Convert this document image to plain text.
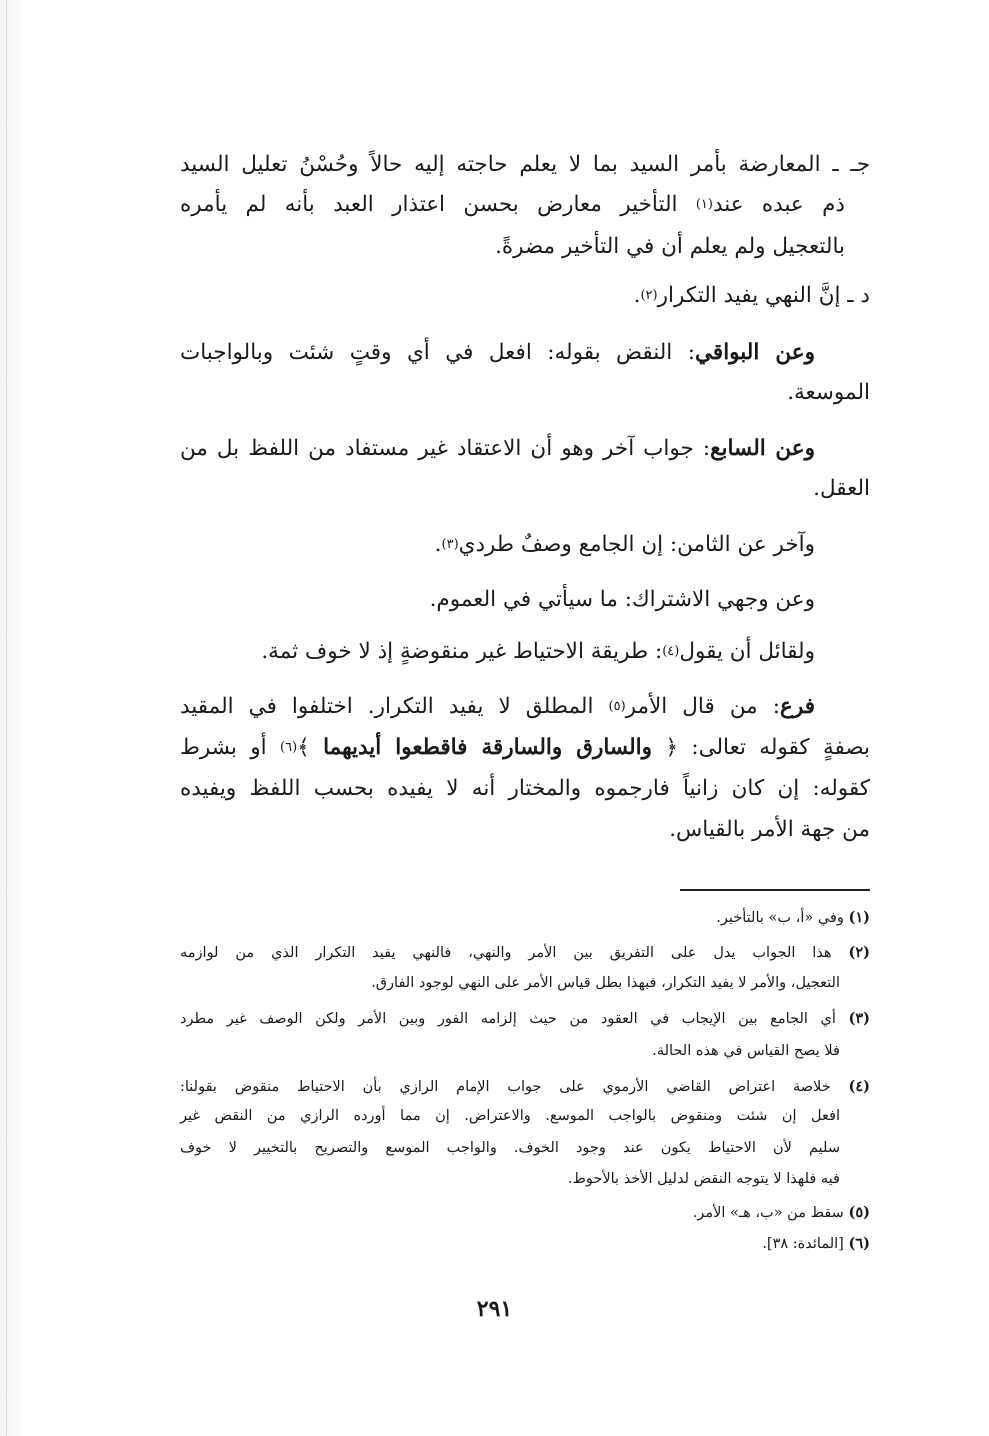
جـ ـ المعارضة بأمر السيد بما لا يعلم حاجته إليه حالاً وحُسْنُ تعليل السيد
ذم عبده عند$^{(١)}$ التأخير معارض بحسن اعتذار العبد بأنه لم يأمره
بالتعجيل ولم يعلم أن في التأخير مضرةً.
د ـ إنَّ النهي يفيد التكرار$^{(٢)}$.
وعن البواقي: النقض بقوله: افعل في أي وقتٍ شئت وبالواجبات
الموسعة.
وعن السابع: جواب آخر وهو أن الاعتقاد غير مستفاد من اللفظ بل من
العقل.
وآخر عن الثامن: إن الجامع وصفٌ طردي$^{(٣)}$.
وعن وجهي الاشتراك: ما سيأتي في العموم.
ولقائل أن يقول$^{(٤)}$: طريقة الاحتياط غير منقوضةٍ إذ لا خوف ثمة.
فرع: من قال الأمر$^{(٥)}$ المطلق لا يفيد التكرار. اختلفوا في المقيد
بصفةٍ كقوله تعالى: ﴿ والسارق والسارقة فاقطعوا أيديهما ﴾$^{(٦)}$ أو بشرط
كقوله: إن كان زانياً فارجموه والمختار أنه لا يفيده بحسب اللفظ ويفيده
من جهة الأمر بالقياس.
(١) وفي «أ، ب» بالتأخير.
(٢) هذا الجواب يدل على التفريق بين الأمر والنهي، فالنهي يفيد التكرار الذي من لوازمه
التعجيل، والأمر لا يفيد التكرار، فبهذا بطل قياس الأمر على النهي لوجود الفارق.
(٣) أي الجامع بين الإيجاب في العقود من حيث إلزامه الفور وبين الأمر ولكن الوصف غير مطرد
فلا يصح القياس في هذه الحالة.
(٤) خلاصة اعتراض القاضي الأرموي على جواب الإمام الرازي بأن الاحتياط منقوض بقولنا:
افعل إن شئت ومنقوض بالواجب الموسع. والاعتراض. إن مما أورده الرازي من النقض غير
سليم لأن الاحتياط يكون عند وجود الخوف. والواجب الموسع والتصريح بالتخيير لا خوف
فيه فلهذا لا يتوجه النقض لدليل الأخذ بالأحوط.
(٥) سقط من «ب، هـ» الأمر.
(٦) [المائدة: ٣٨].
٢٩١
